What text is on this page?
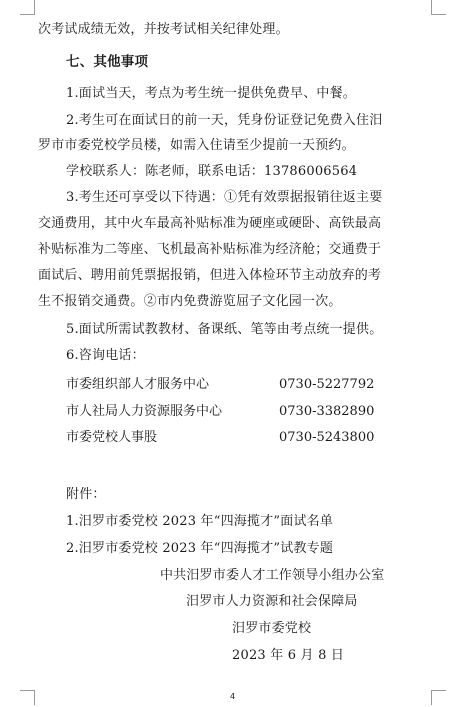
次考试成绩无效，并按考试相关纪律处理。
七、其他事项
1.面试当天，考点为考生统一提供免费早、中餐。
2.考生可在面试日的前一天，凭身份证登记免费入住汨
罗市市委党校学员楼，如需入住请至少提前一天预约。
学校联系人：陈老师，联系电话：13786006564
3.考生还可享受以下待遇：①凭有效票据报销往返主要
交通费用，其中火车最高补贴标准为硬座或硬卧、高铁最高
补贴标准为二等座、飞机最高补贴标准为经济舱；交通费于
面试后、聘用前凭票据报销，但进入体检环节主动放弃的考
生不报销交通费。②市内免费游览屈子文化园一次。
5.面试所需试教教材、备课纸、笔等由考点统一提供。
6.咨询电话：
市委组织部人才服务中心	0730-5227792
市人社局人力资源服务中心	0730-3382890
市委党校人事股	0730-5243800
附件：
1.汨罗市委党校 2023 年“四海揽才”面试名单
2.汨罗市委党校 2023 年“四海揽才”试教专题
中共汨罗市委人才工作领导小组办公室
汨罗市人力资源和社会保障局
汨罗市委党校
2023 年 6 月 8 日
4
